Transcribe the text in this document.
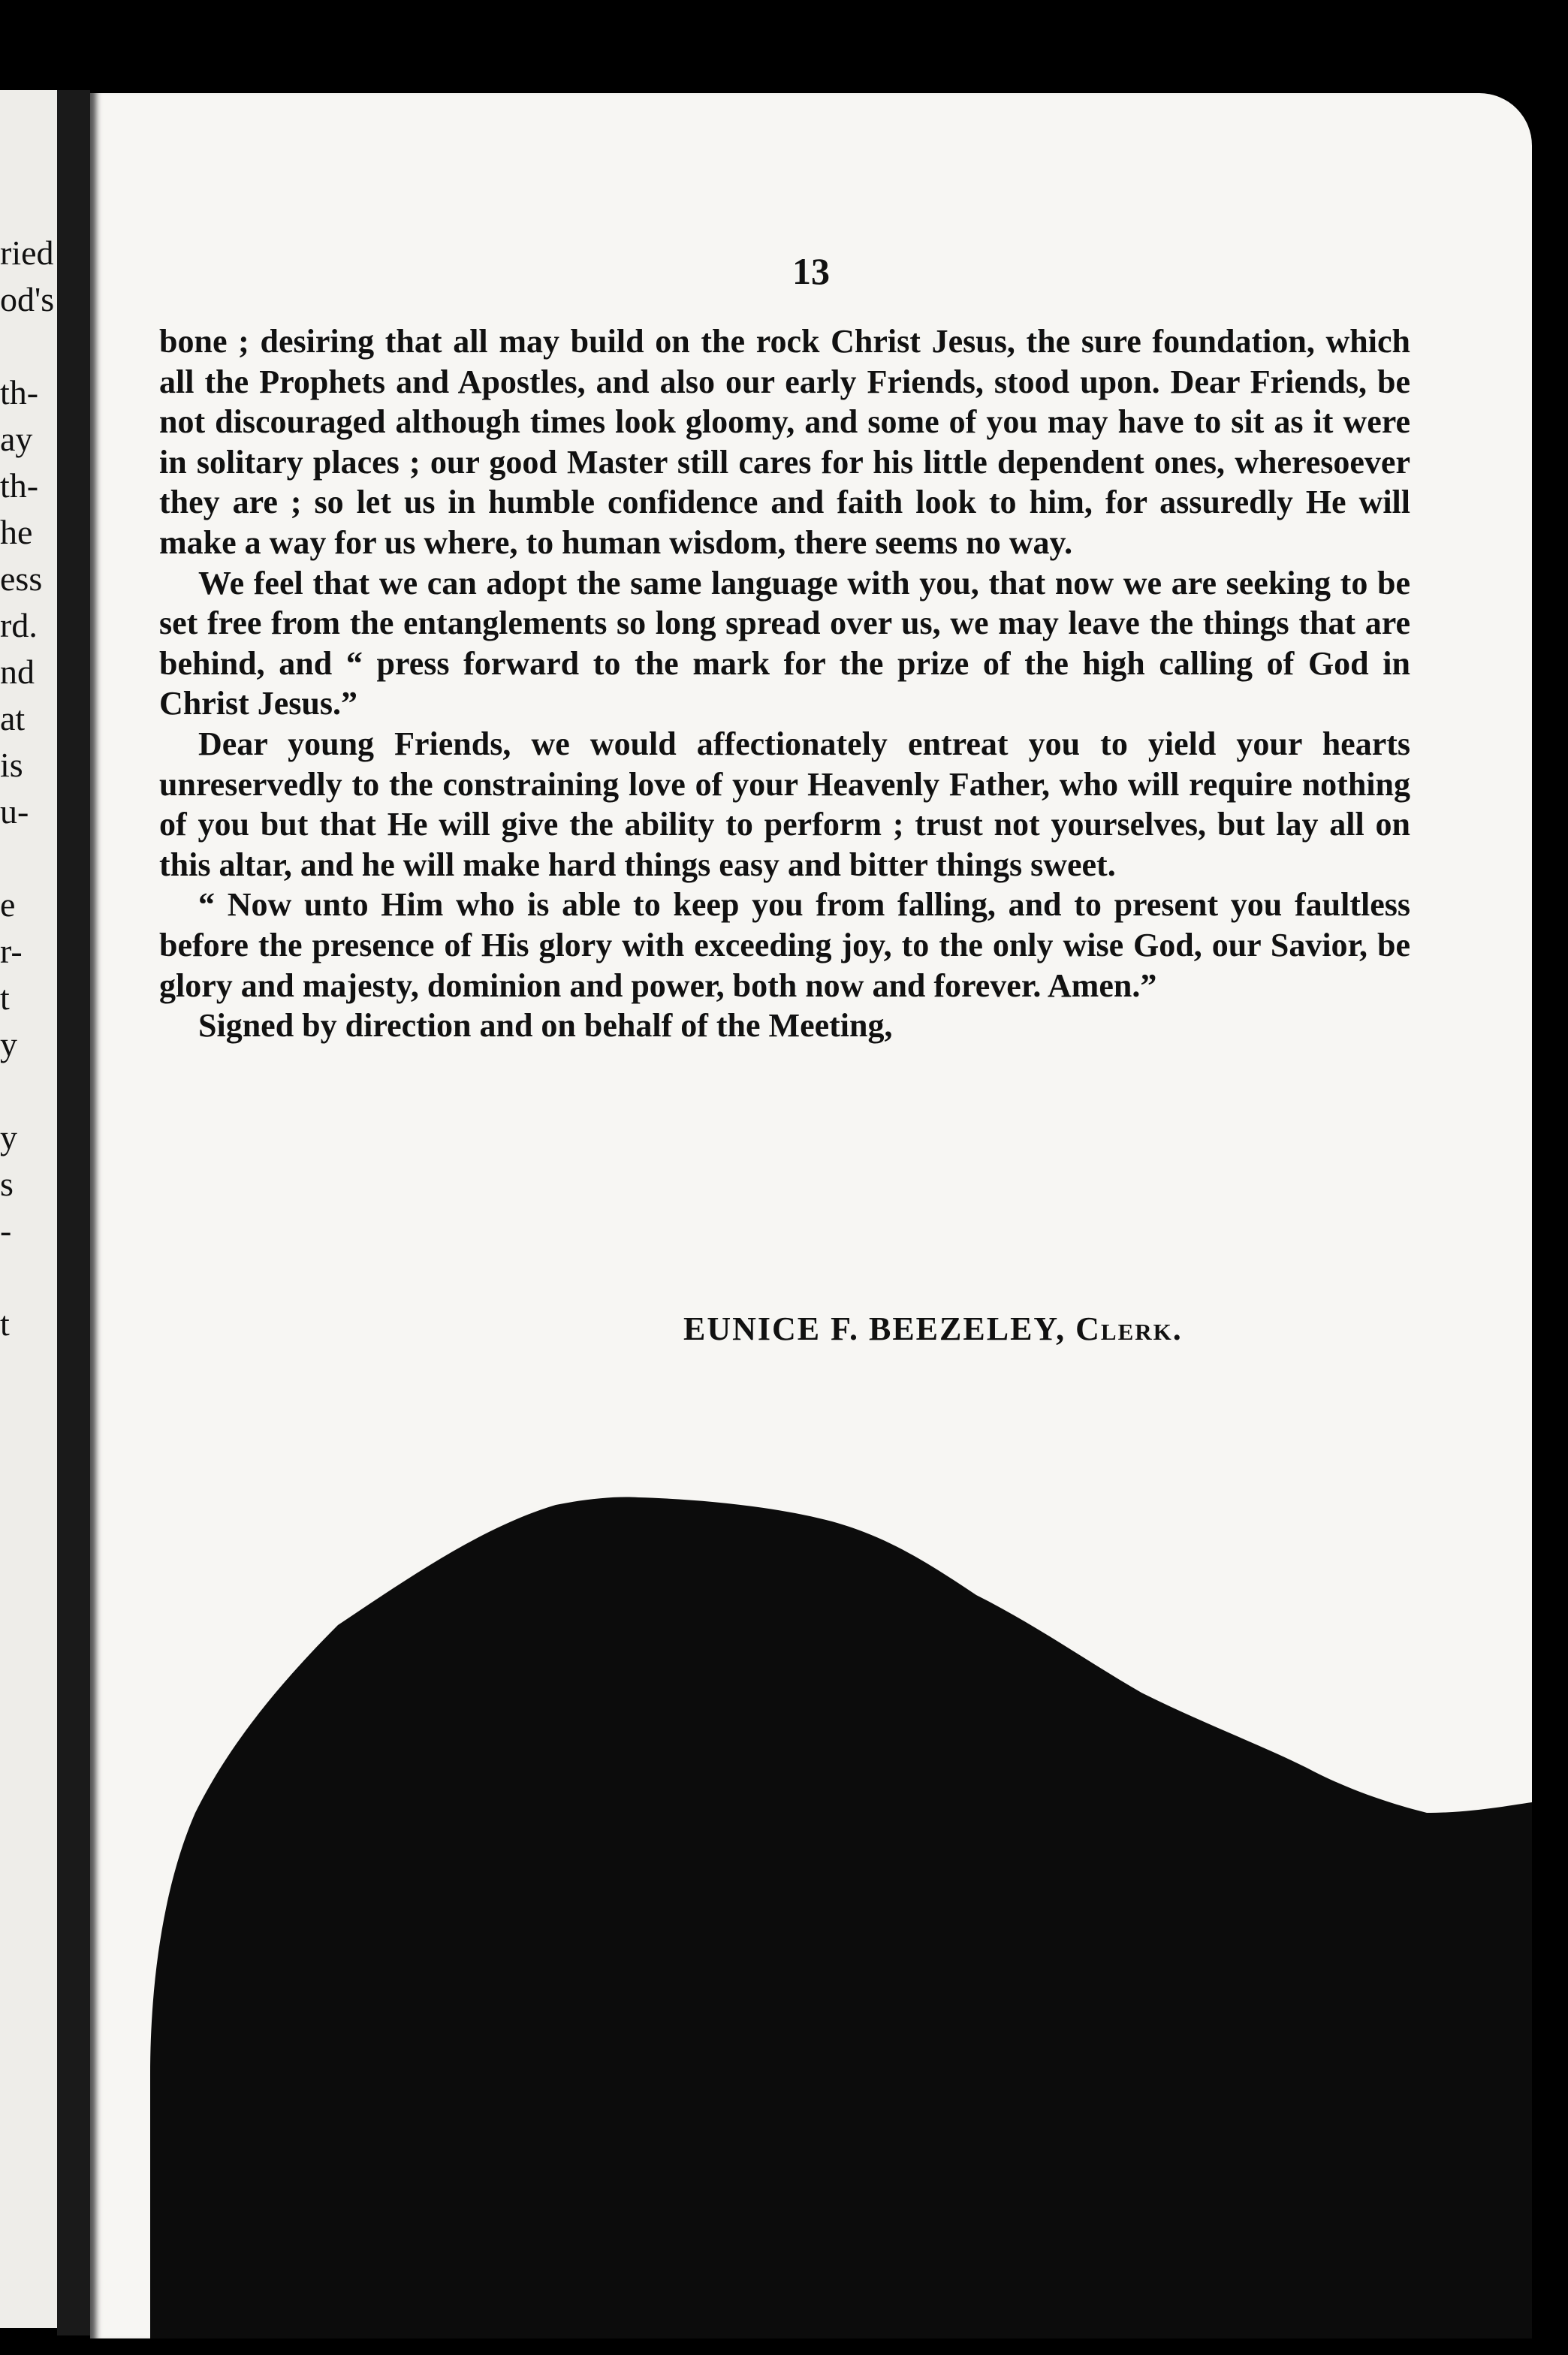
ried
od's

th-
ay
th-
he
ess
rd.
nd
at
is
u-

e
r-
t
y

y
s
-

t
13

bone ; desiring that all may build on the rock Christ Jesus, the sure foundation, which all the Prophets and Apostles, and also our early Friends, stood upon. Dear Friends, be not discouraged although times look gloomy, and some of you may have to sit as it were in solitary places ; our good Master still cares for his little dependent ones, wheresoever they are ; so let us in humble confidence and faith look to him, for assuredly He will make a way for us where, to human wisdom, there seems no way.

We feel that we can adopt the same language with you, that now we are seeking to be set free from the entanglements so long spread over us, we may leave the things that are behind, and “ press forward to the mark for the prize of the high calling of God in Christ Jesus.”

Dear young Friends, we would affectionately entreat you to yield your hearts unreservedly to the constraining love of your Heavenly Father, who will require nothing of you but that He will give the ability to perform ; trust not yourselves, but lay all on this altar, and he will make hard things easy and bitter things sweet.

“ Now unto Him who is able to keep you from falling, and to present you faultless before the presence of His glory with exceeding joy, to the only wise God, our Savior, be glory and majesty, dominion and power, both now and forever. Amen.”

Signed by direction and on behalf of the Meeting,

EUNICE F. BEEZELEY, Clerk.
